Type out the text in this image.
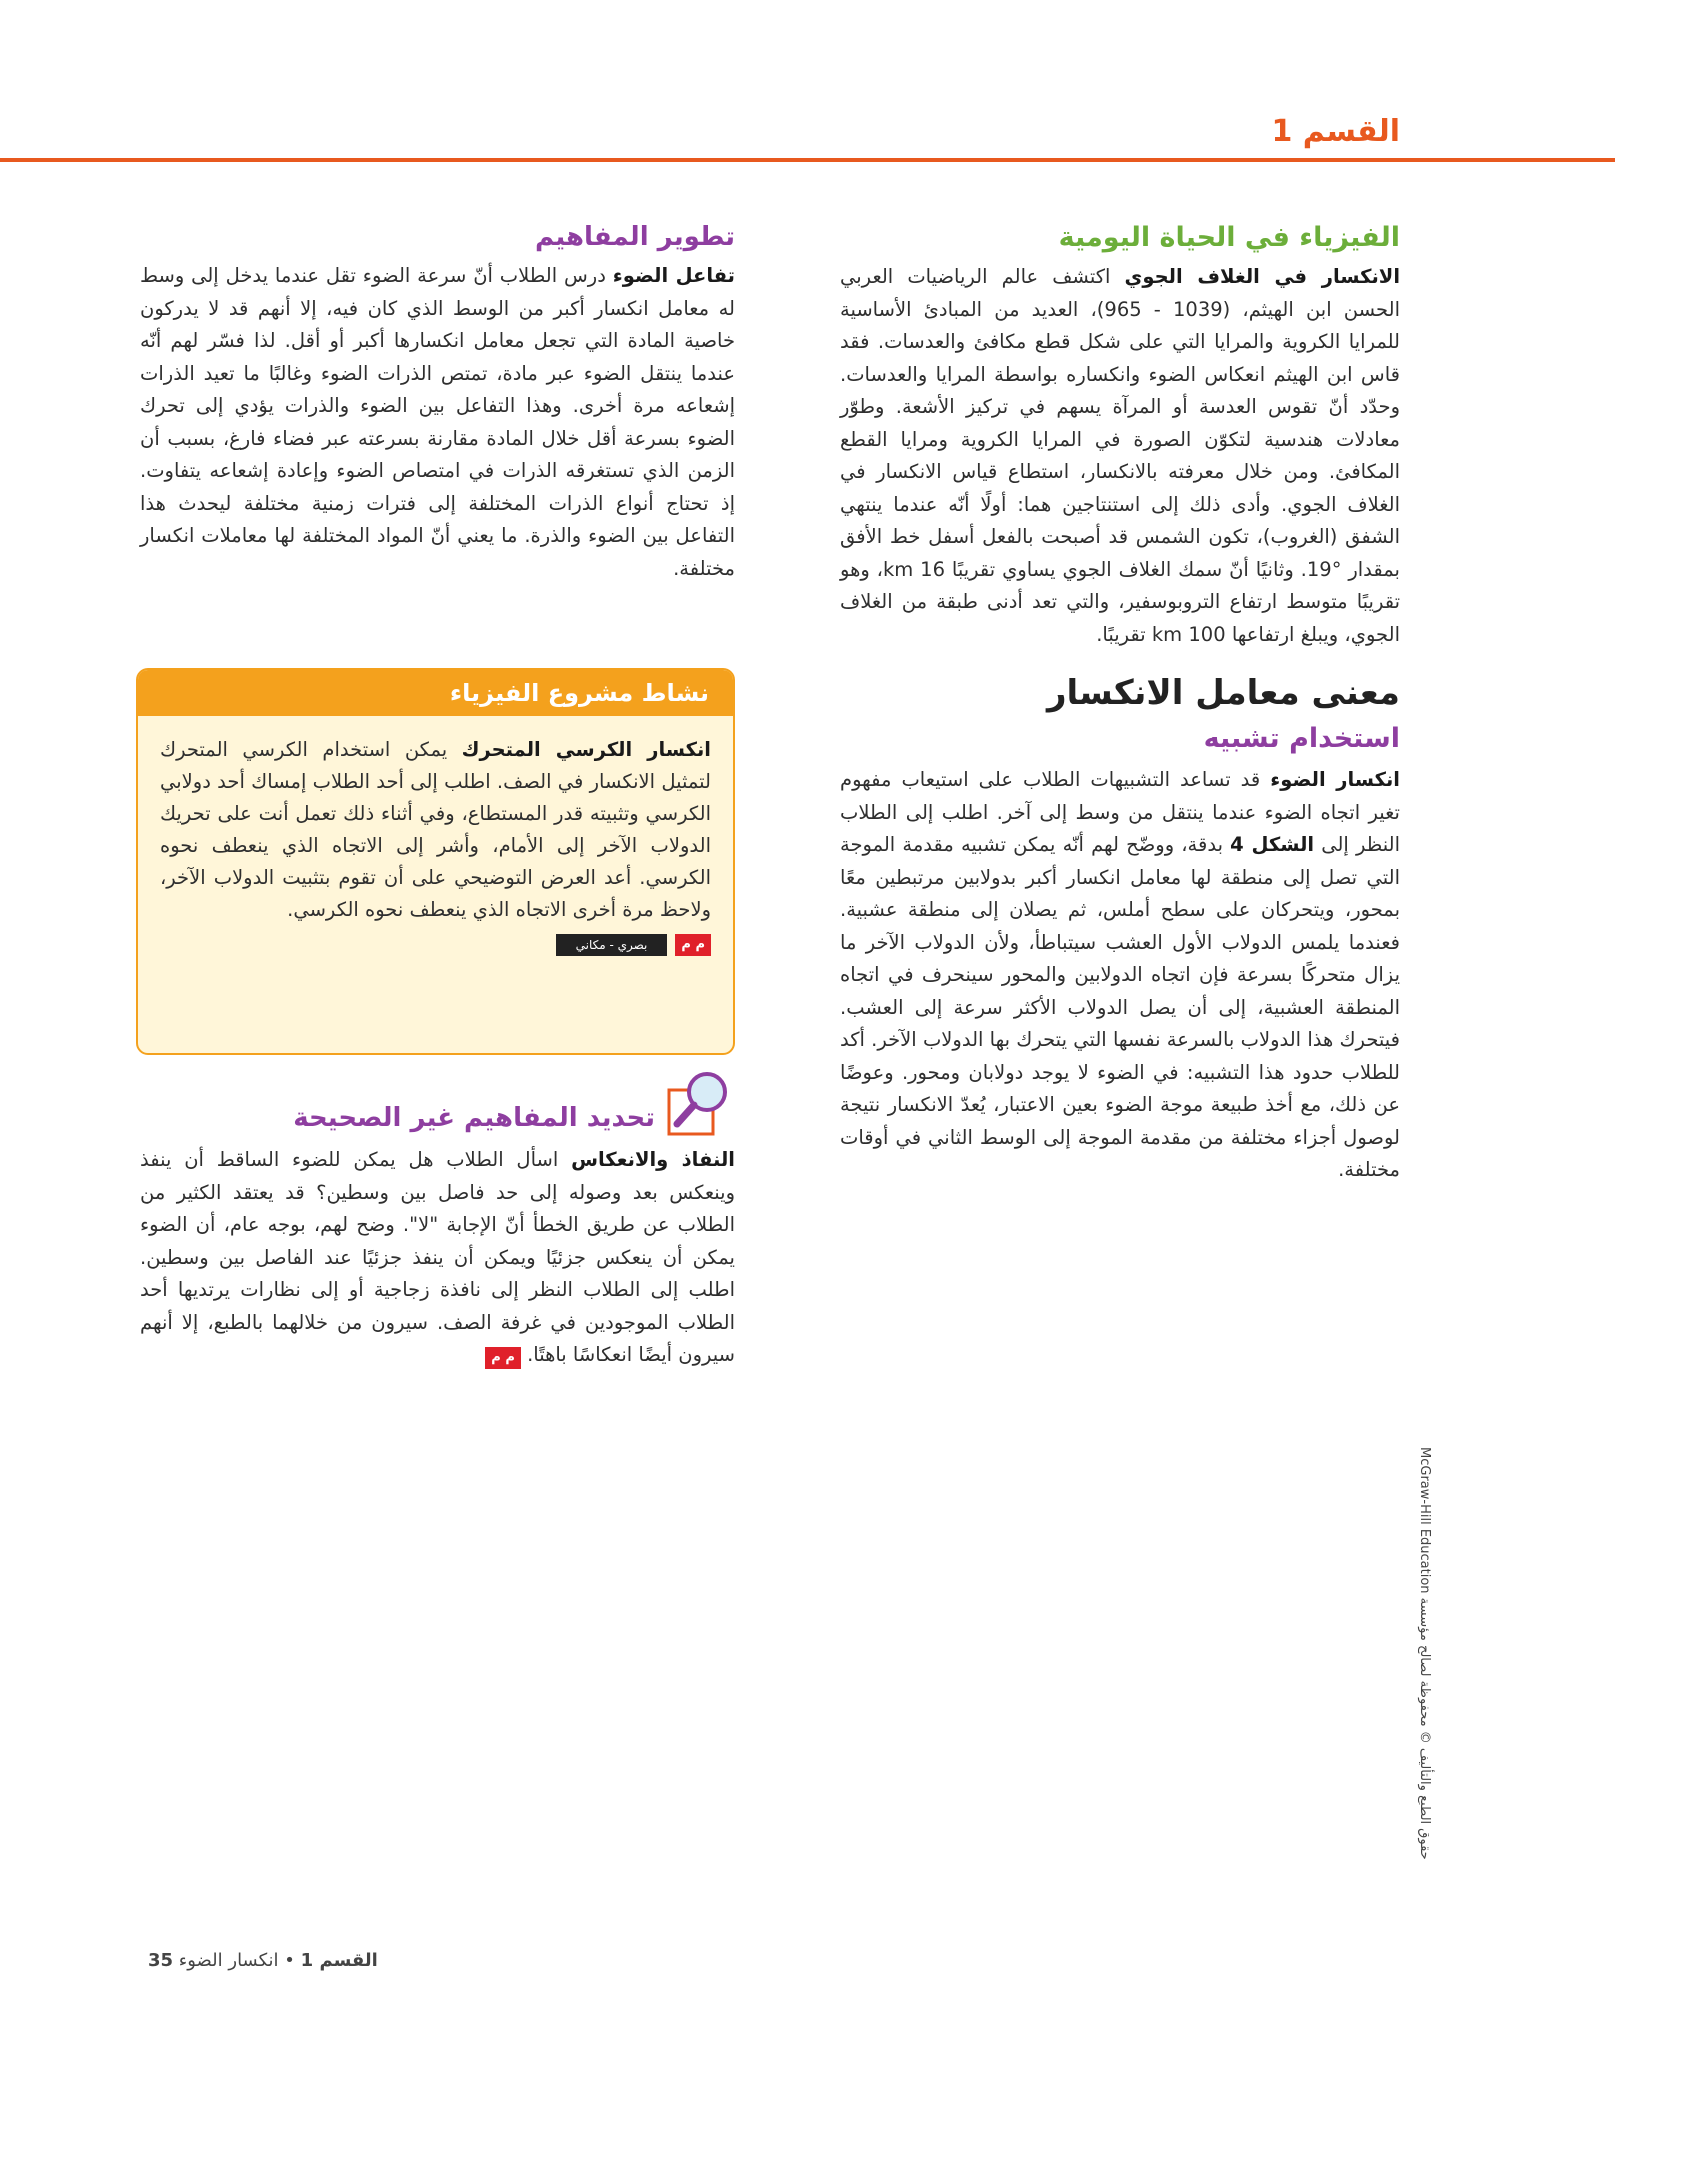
القسم 1
الفيزياء في الحياة اليومية

الانكسار في الغلاف الجوي اكتشف عالم الرياضيات العربي الحسن ابن الهيثم، (1039 - 965)، العديد من المبادئ الأساسية للمرايا الكروية والمرايا التي على شكل قطع مكافئ والعدسات. فقد قاس ابن الهيثم انعكاس الضوء وانكساره بواسطة المرايا والعدسات. وحدّد أنّ تقوس العدسة أو المرآة يسهم في تركيز الأشعة. وطوّر معادلات هندسية لتكوّن الصورة في المرايا الكروية ومرايا القطع المكافئ. ومن خلال معرفته بالانكسار، استطاع قياس الانكسار في الغلاف الجوي. وأدى ذلك إلى استنتاجين هما: أولًا أنّه عندما ينتهي الشفق (الغروب)، تكون الشمس قد أصبحت بالفعل أسفل خط الأفق بمقدار °19. وثانيًا أنّ سمك الغلاف الجوي يساوي تقريبًا 16 km، وهو تقريبًا متوسط ارتفاع التروبوسفير، والتي تعد أدنى طبقة من الغلاف الجوي، ويبلغ ارتفاعها 100 km تقريبًا.

معنى معامل الانكسار
استخدام تشبيه

انكسار الضوء قد تساعد التشبيهات الطلاب على استيعاب مفهوم تغير اتجاه الضوء عندما ينتقل من وسط إلى آخر. اطلب إلى الطلاب النظر إلى الشكل 4 بدقة، ووضّح لهم أنّه يمكن تشبيه مقدمة الموجة التي تصل إلى منطقة لها معامل انكسار أكبر بدولابين مرتبطين معًا بمحور، ويتحركان على سطح أملس، ثم يصلان إلى منطقة عشبية. فعندما يلمس الدولاب الأول العشب سيتباطأ، ولأن الدولاب الآخر ما يزال متحركًا بسرعة فإن اتجاه الدولابين والمحور سينحرف في اتجاه المنطقة العشبية، إلى أن يصل الدولاب الأكثر سرعة إلى العشب. فيتحرك هذا الدولاب بالسرعة نفسها التي يتحرك بها الدولاب الآخر. أكد للطلاب حدود هذا التشبيه: في الضوء لا يوجد دولابان ومحور. وعوضًا عن ذلك، مع أخذ طبيعة موجة الضوء بعين الاعتبار، يُعدّ الانكسار نتيجة لوصول أجزاء مختلفة من مقدمة الموجة إلى الوسط الثاني في أوقات مختلفة.

تطوير المفاهيم

تفاعل الضوء درس الطلاب أنّ سرعة الضوء تقل عندما يدخل إلى وسط له معامل انكسار أكبر من الوسط الذي كان فيه، إلا أنهم قد لا يدركون خاصية المادة التي تجعل معامل انكسارها أكبر أو أقل. لذا فسّر لهم أنّه عندما ينتقل الضوء عبر مادة، تمتص الذرات الضوء وغالبًا ما تعيد الذرات إشعاعه مرة أخرى. وهذا التفاعل بين الضوء والذرات يؤدي إلى تحرك الضوء بسرعة أقل خلال المادة مقارنة بسرعته عبر فضاء فارغ، بسبب أن الزمن الذي تستغرقه الذرات في امتصاص الضوء وإعادة إشعاعه يتفاوت. إذ تحتاج أنواع الذرات المختلفة إلى فترات زمنية مختلفة ليحدث هذا التفاعل بين الضوء والذرة. ما يعني أنّ المواد المختلفة لها معاملات انكسار مختلفة.

نشاط مشروع الفيزياء

انكسار الكرسي المتحرك يمكن استخدام الكرسي المتحرك لتمثيل الانكسار في الصف. اطلب إلى أحد الطلاب إمساك أحد دولابي الكرسي وتثبيته قدر المستطاع، وفي أثناء ذلك تعمل أنت على تحريك الدولاب الآخر إلى الأمام، وأشر إلى الاتجاه الذي ينعطف نحوه الكرسي. أعد العرض التوضيحي على أن تقوم بتثبيت الدولاب الآخر، ولاحظ مرة أخرى الاتجاه الذي ينعطف نحوه الكرسي.

م م
بصري - مكاني
تحديد المفاهيم غير الصحيحة

النفاذ والانعكاس اسأل الطلاب هل يمكن للضوء الساقط أن ينفذ وينعكس بعد وصوله إلى حد فاصل بين وسطين؟ قد يعتقد الكثير من الطلاب عن طريق الخطأ أنّ الإجابة "لا". وضح لهم، بوجه عام، أن الضوء يمكن أن ينعكس جزئيًا ويمكن أن ينفذ جزئيًا عند الفاصل بين وسطين. اطلب إلى الطلاب النظر إلى نافذة زجاجية أو إلى نظارات يرتديها أحد الطلاب الموجودين في غرفة الصف. سيرون من خلالهما بالطبع، إلا أنهم سيرون أيضًا انعكاسًا باهتًا. م م

حقوق الطبع والتأليف © محفوظة لصالح مؤسسة McGraw-Hill Education
القسم 1 • انكسار الضوء 35
